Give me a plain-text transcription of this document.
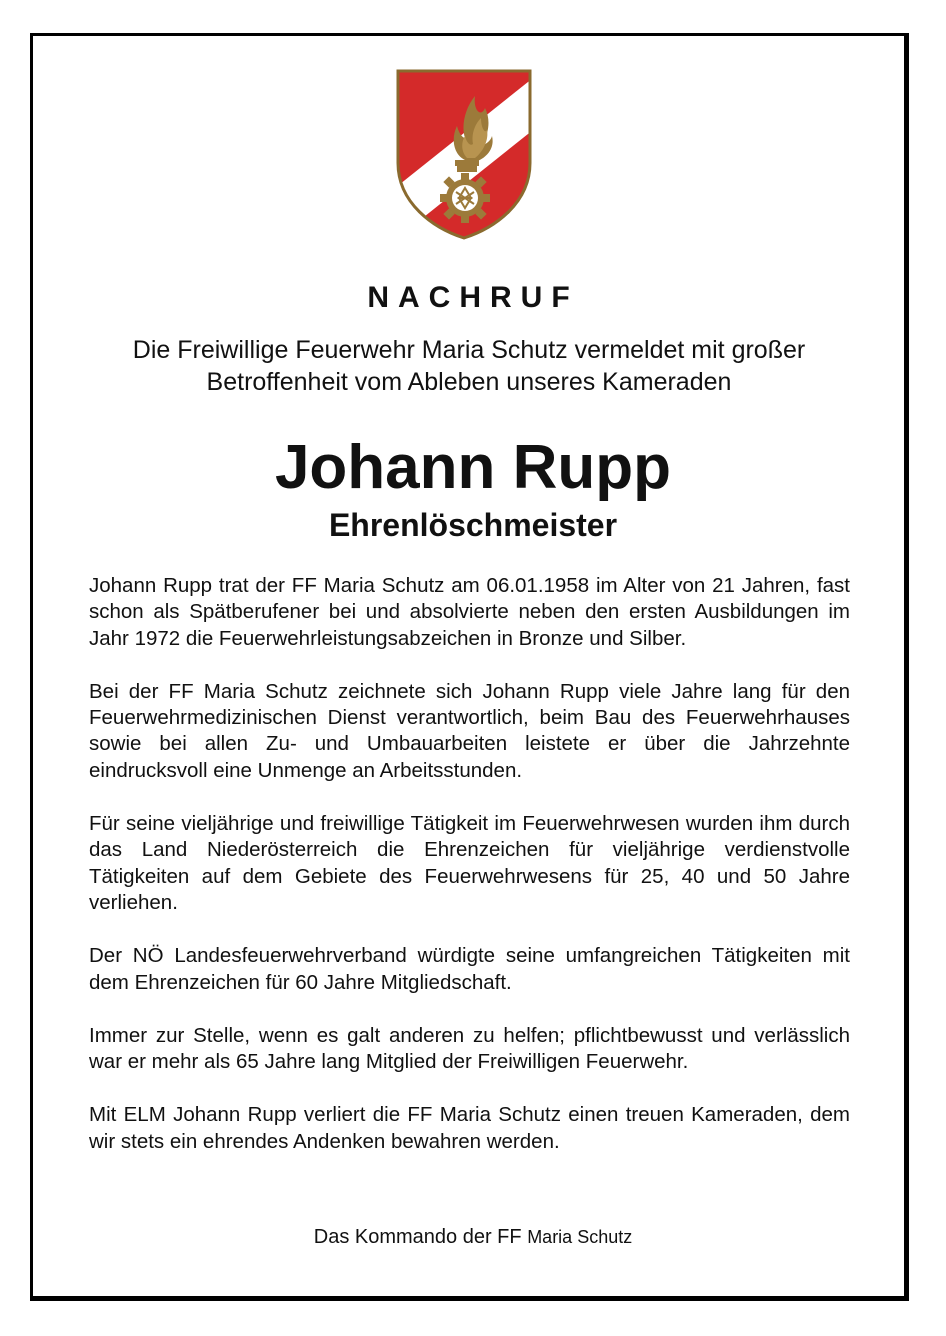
NACHRUF
Die Freiwillige Feuerwehr Maria Schutz vermeldet mit großer
Betroffenheit vom Ableben unseres Kameraden
Johann Rupp
Ehrenlöschmeister

Johann Rupp trat der FF Maria Schutz am 06.01.1958 im Alter von 21 Jahren, fast schon als Spätberufener bei und absolvierte neben den ersten Ausbildungen im Jahr 1972 die Feuerwehrleistungsabzeichen in Bronze und Silber.

Bei der FF Maria Schutz zeichnete sich Johann Rupp viele Jahre lang für den Feuerwehrmedizinischen Dienst verantwortlich, beim Bau des Feuerwehrhauses sowie bei allen Zu- und Umbauarbeiten leistete er über die Jahrzehnte eindrucksvoll eine Unmenge an Arbeitsstunden.

Für seine vieljährige und freiwillige Tätigkeit im Feuerwehrwesen wurden ihm durch das Land Niederösterreich die Ehrenzeichen für vieljährige verdienstvolle Tätigkeiten auf dem Gebiete des Feuerwehrwesens für 25, 40 und 50 Jahre verliehen.

Der NÖ Landesfeuerwehrverband würdigte seine umfangreichen Tätigkeiten mit dem Ehrenzeichen für 60 Jahre Mitgliedschaft.

Immer zur Stelle, wenn es galt anderen zu helfen; pflichtbewusst und verlässlich war er mehr als 65 Jahre lang Mitglied der Freiwilligen Feuerwehr.

Mit ELM Johann Rupp verliert die FF Maria Schutz einen treuen Kameraden, dem wir stets ein ehrendes Andenken bewahren werden.

Das Kommando der FF Maria Schutz
